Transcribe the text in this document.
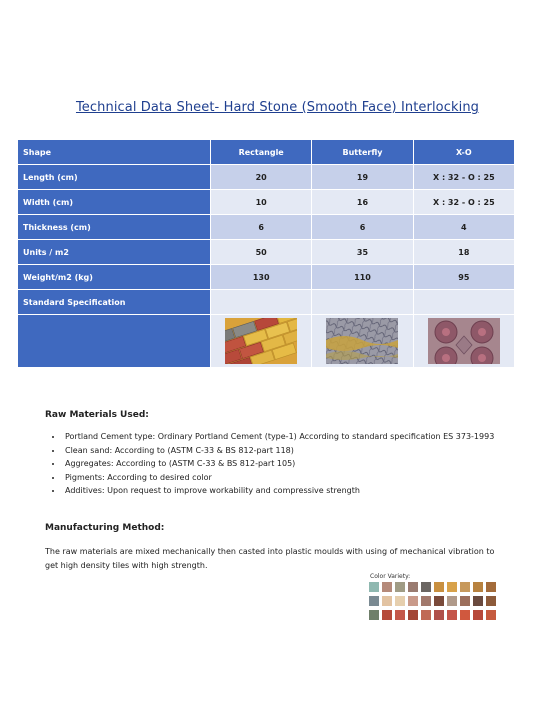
Technical Data Sheet- Hard Stone (Smooth Face) Interlocking
Shape	Rectangle	Butterfly	X-O
Length (cm)	20	19	X : 32 - O : 25
Width (cm)	10	16	X : 32 - O : 25
Thickness (cm)	6	6	4
Units / m2	50	35	18
Weight/m2 (kg)	130	110	95
Standard Specification			

Raw Materials Used:
• Portland Cement type: Ordinary Portland Cement (type-1) According to standard specification ES 373-1993
• Clean sand: According to (ASTM C-33 & BS 812-part 118)
• Aggregates: According to (ASTM C-33 & BS 812-part 105)
• Pigments: According to desired color
• Additives: Upon request to improve workability and compressive strength
Manufacturing Method:
The raw materials are mixed mechanically then casted into plastic moulds with using of mechanical vibration to get high density tiles with high strength.
Color Variety:
